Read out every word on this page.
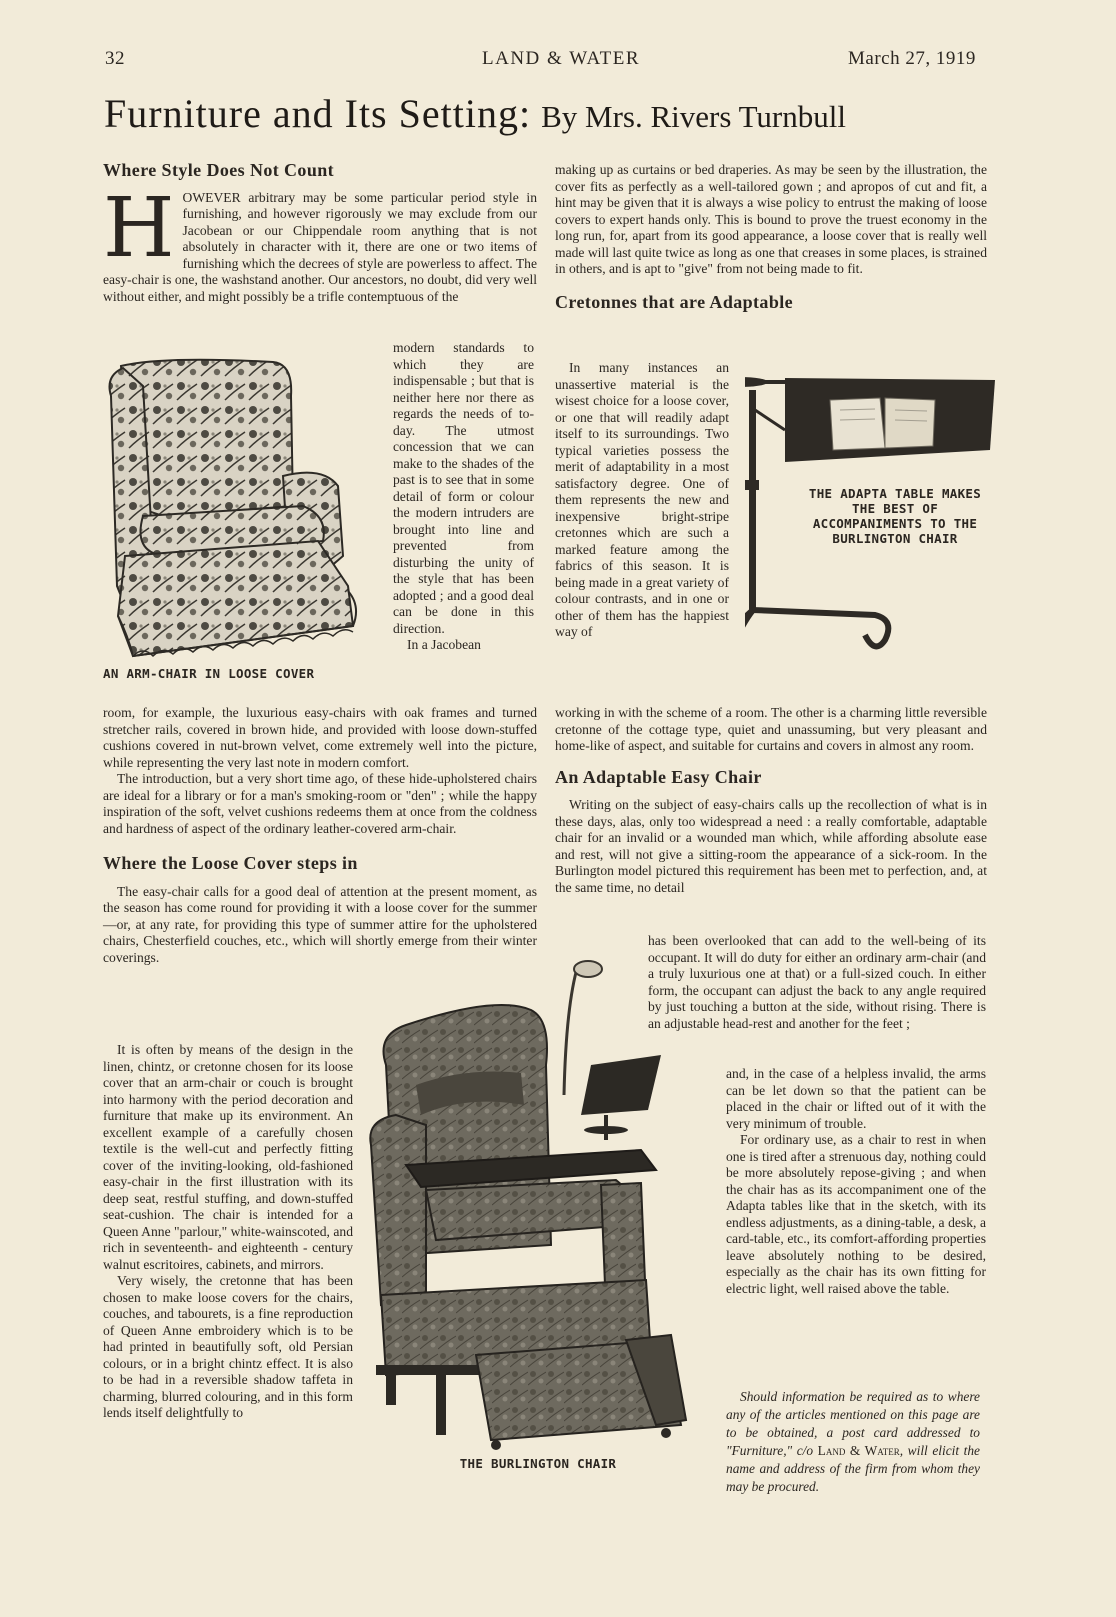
32	LAND & WATER	March 27, 1919
Furniture and Its Setting: By Mrs. Rivers Turnbull
Where Style Does Not Count

H OWEVER arbitrary may be some particular period style in furnishing, and however rigorously we may exclude from our Jacobean or our Chippendale room anything that is not absolutely in character with it, there are one or two items of furnishing which the decrees of style are powerless to affect. The easy-chair is one, the washstand another. Our ancestors, no doubt, did very well without either, and might possibly be a trifle contemptuous of the

AN ARM-CHAIR IN LOOSE COVER

modern standards to which they are indispensable ; but that is neither here nor there as regards the needs of to-day. The utmost concession that we can make to the shades of the past is to see that in some detail of form or colour the modern intruders are brought into line and prevented from disturbing the unity of the style that has been adopted ; and a good deal can be done in this direction.

In a Jacobean

room, for example, the luxurious easy-chairs with oak frames and turned stretcher rails, covered in brown hide, and provided with loose down-stuffed cushions covered in nut-brown velvet, come extremely well into the picture, while representing the very last note in modern comfort.

The introduction, but a very short time ago, of these hide-upholstered chairs are ideal for a library or for a man's smoking-room or "den" ; while the happy inspiration of the soft, velvet cushions redeems them at once from the coldness and hardness of aspect of the ordinary leather-covered arm-chair.

Where the Loose Cover steps in

The easy-chair calls for a good deal of attention at the present moment, as the season has come round for providing it with a loose cover for the summer—or, at any rate, for providing this type of summer attire for the upholstered chairs, Chesterfield couches, etc., which will shortly emerge from their winter coverings.

It is often by means of the design in the linen, chintz, or cretonne chosen for its loose cover that an arm-chair or couch is brought into harmony with the period decoration and furniture that make up its environment. An excellent example of a carefully chosen textile is the well-cut and perfectly fitting cover of the inviting-looking, old-fashioned easy-chair in the first illustration with its deep seat, restful stuffing, and down-stuffed seat-cushion. The chair is intended for a Queen Anne "parlour," white-wainscoted, and rich in seventeenth- and eighteenth - century walnut escritoires, cabinets, and mirrors.

Very wisely, the cretonne that has been chosen to make loose covers for the chairs, couches, and tabourets, is a fine reproduction of Queen Anne embroidery which is to be had printed in beautifully soft, old Persian colours, or in a bright chintz effect. It is also to be had in a reversible shadow taffeta in charming, blurred colouring, and in this form lends itself delightfully to

making up as curtains or bed draperies. As may be seen by the illustration, the cover fits as perfectly as a well-tailored gown ; and apropos of cut and fit, a hint may be given that it is always a wise policy to entrust the making of loose covers to expert hands only. This is bound to prove the truest economy in the long run, for, apart from its good appearance, a loose cover that is really well made will last quite twice as long as one that creases in some places, is strained in others, and is apt to "give" from not being made to fit.

Cretonnes that are Adaptable

In many instances an unassertive material is the wisest choice for a loose cover, or one that will readily adapt itself to its surroundings. Two typical varieties possess the merit of adaptability in a most satisfactory degree. One of them represents the new and inexpensive bright-stripe cretonnes which are such a marked feature among the fabrics of this season. It is being made in a great variety of colour contrasts, and in one or other of them has the happiest way of

THE ADAPTA TABLE MAKES THE BEST OF ACCOMPANIMENTS TO THE BURLINGTON CHAIR

working in with the scheme of a room. The other is a charming little reversible cretonne of the cottage type, quiet and unassuming, but very pleasant and home-like of aspect, and suitable for curtains and covers in almost any room.

An Adaptable Easy Chair

Writing on the subject of easy-chairs calls up the recollection of what is in these days, alas, only too widespread a need : a really comfortable, adaptable chair for an invalid or a wounded man which, while affording absolute ease and rest, will not give a sitting-room the appearance of a sick-room. In the Burlington model pictured this requirement has been met to perfection, and, at the same time, no detail

has been overlooked that can add to the well-being of its occupant. It will do duty for either an ordinary arm-chair (and a truly luxurious one at that) or a full-sized couch. In either form, the occupant can adjust the back to any angle required by just touching a button at the side, without rising. There is an adjustable head-rest and another for the feet ;

and, in the case of a helpless invalid, the arms can be let down so that the patient can be placed in the chair or lifted out of it with the very minimum of trouble.

For ordinary use, as a chair to rest in when one is tired after a strenuous day, nothing could be more absolutely repose-giving ; and when the chair has as its accompaniment one of the Adapta tables like that in the sketch, with its endless adjustments, as a dining-table, a desk, a card-table, etc., its comfort-affording properties leave absolutely nothing to be desired, especially as the chair has its own fitting for electric light, well raised above the table.

Should information be required as to where any of the articles mentioned on this page are to be obtained, a post card addressed to "Furniture," c/o Land & Water, will elicit the name and address of the firm from whom they may be procured.

THE BURLINGTON CHAIR
